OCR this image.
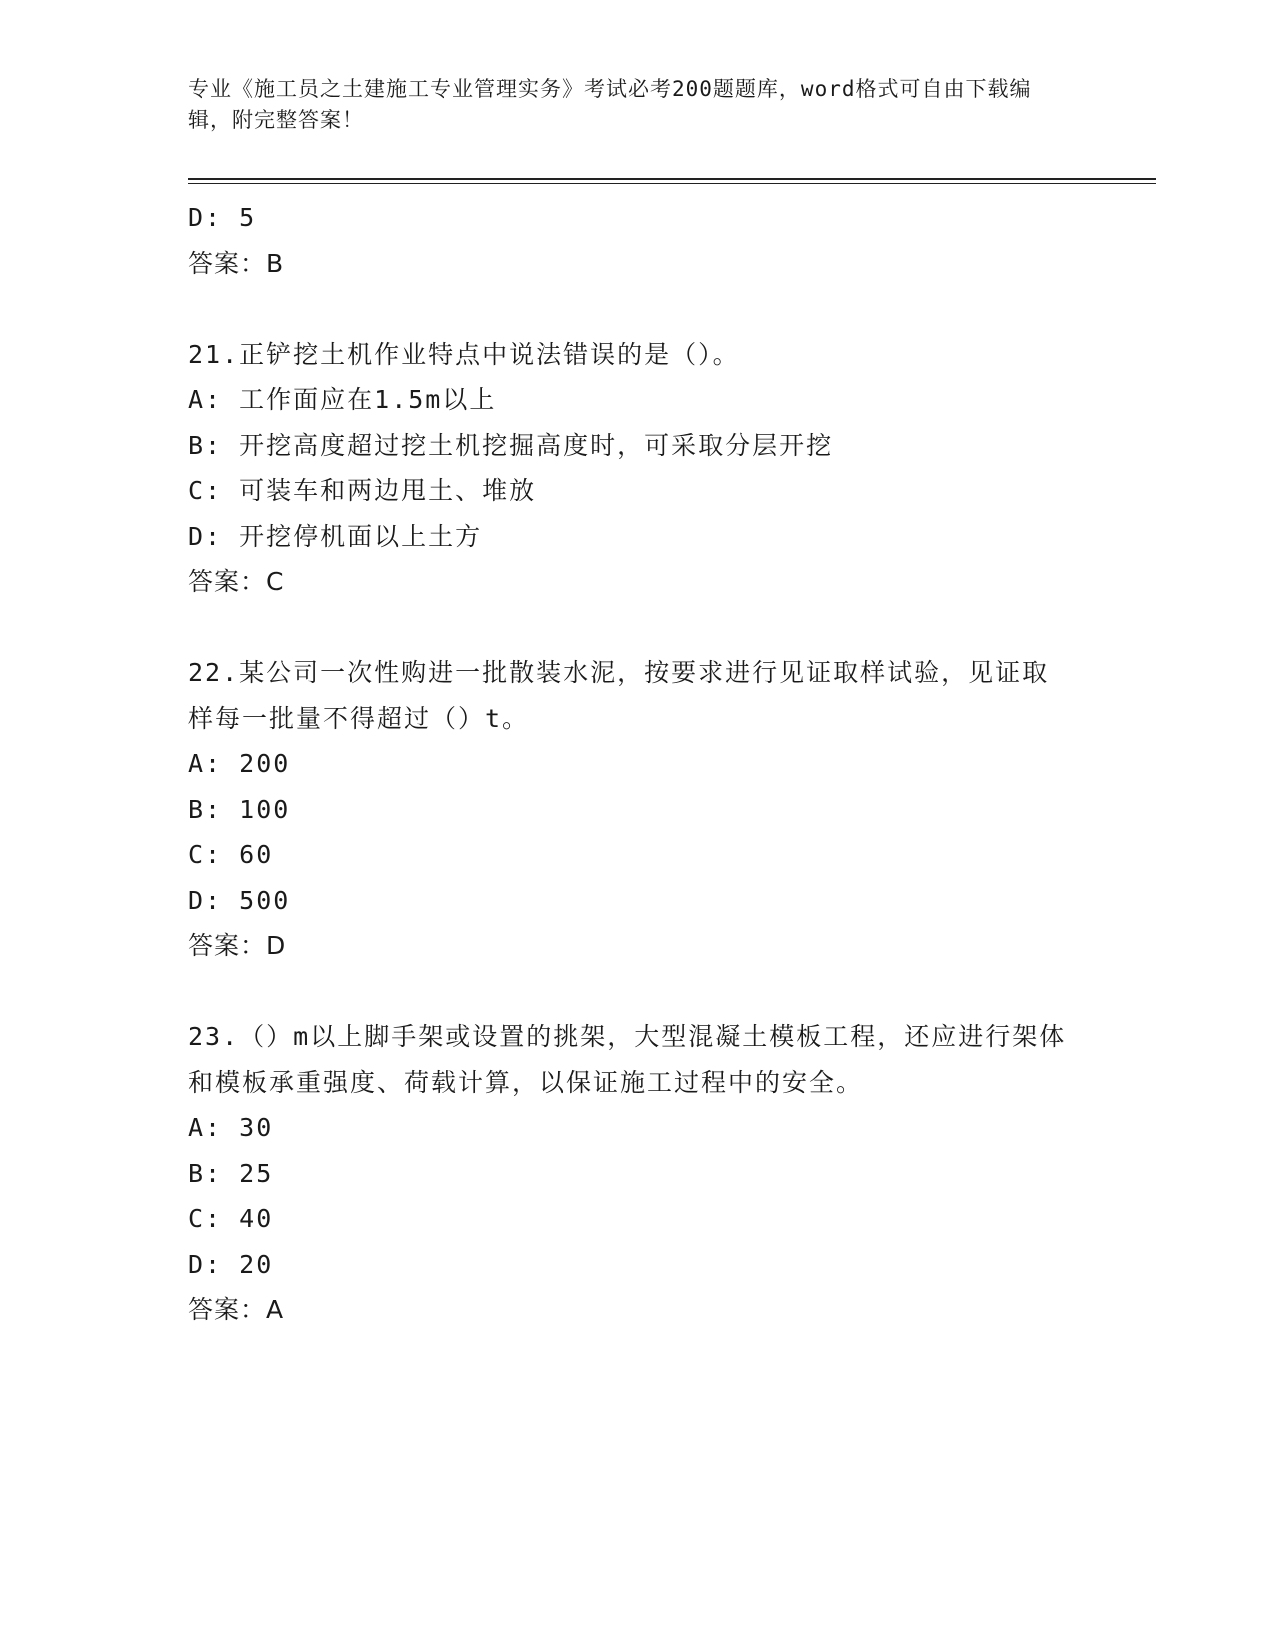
专业《施工员之土建施工专业管理实务》考试必考200题题库，word格式可自由下载编辑，附完整答案！
D: 5
答案：B
21.正铲挖土机作业特点中说法错误的是（）。
A: 工作面应在1.5m以上
B: 开挖高度超过挖土机挖掘高度时，可采取分层开挖
C: 可装车和两边甩土、堆放
D: 开挖停机面以上土方
答案：C
22.某公司一次性购进一批散装水泥，按要求进行见证取样试验，见证取样每一批量不得超过（）t。
A: 200
B: 100
C: 60
D: 500
答案：D
23.（）m以上脚手架或设置的挑架，大型混凝土模板工程，还应进行架体和模板承重强度、荷载计算，以保证施工过程中的安全。
A: 30
B: 25
C: 40
D: 20
答案：A
